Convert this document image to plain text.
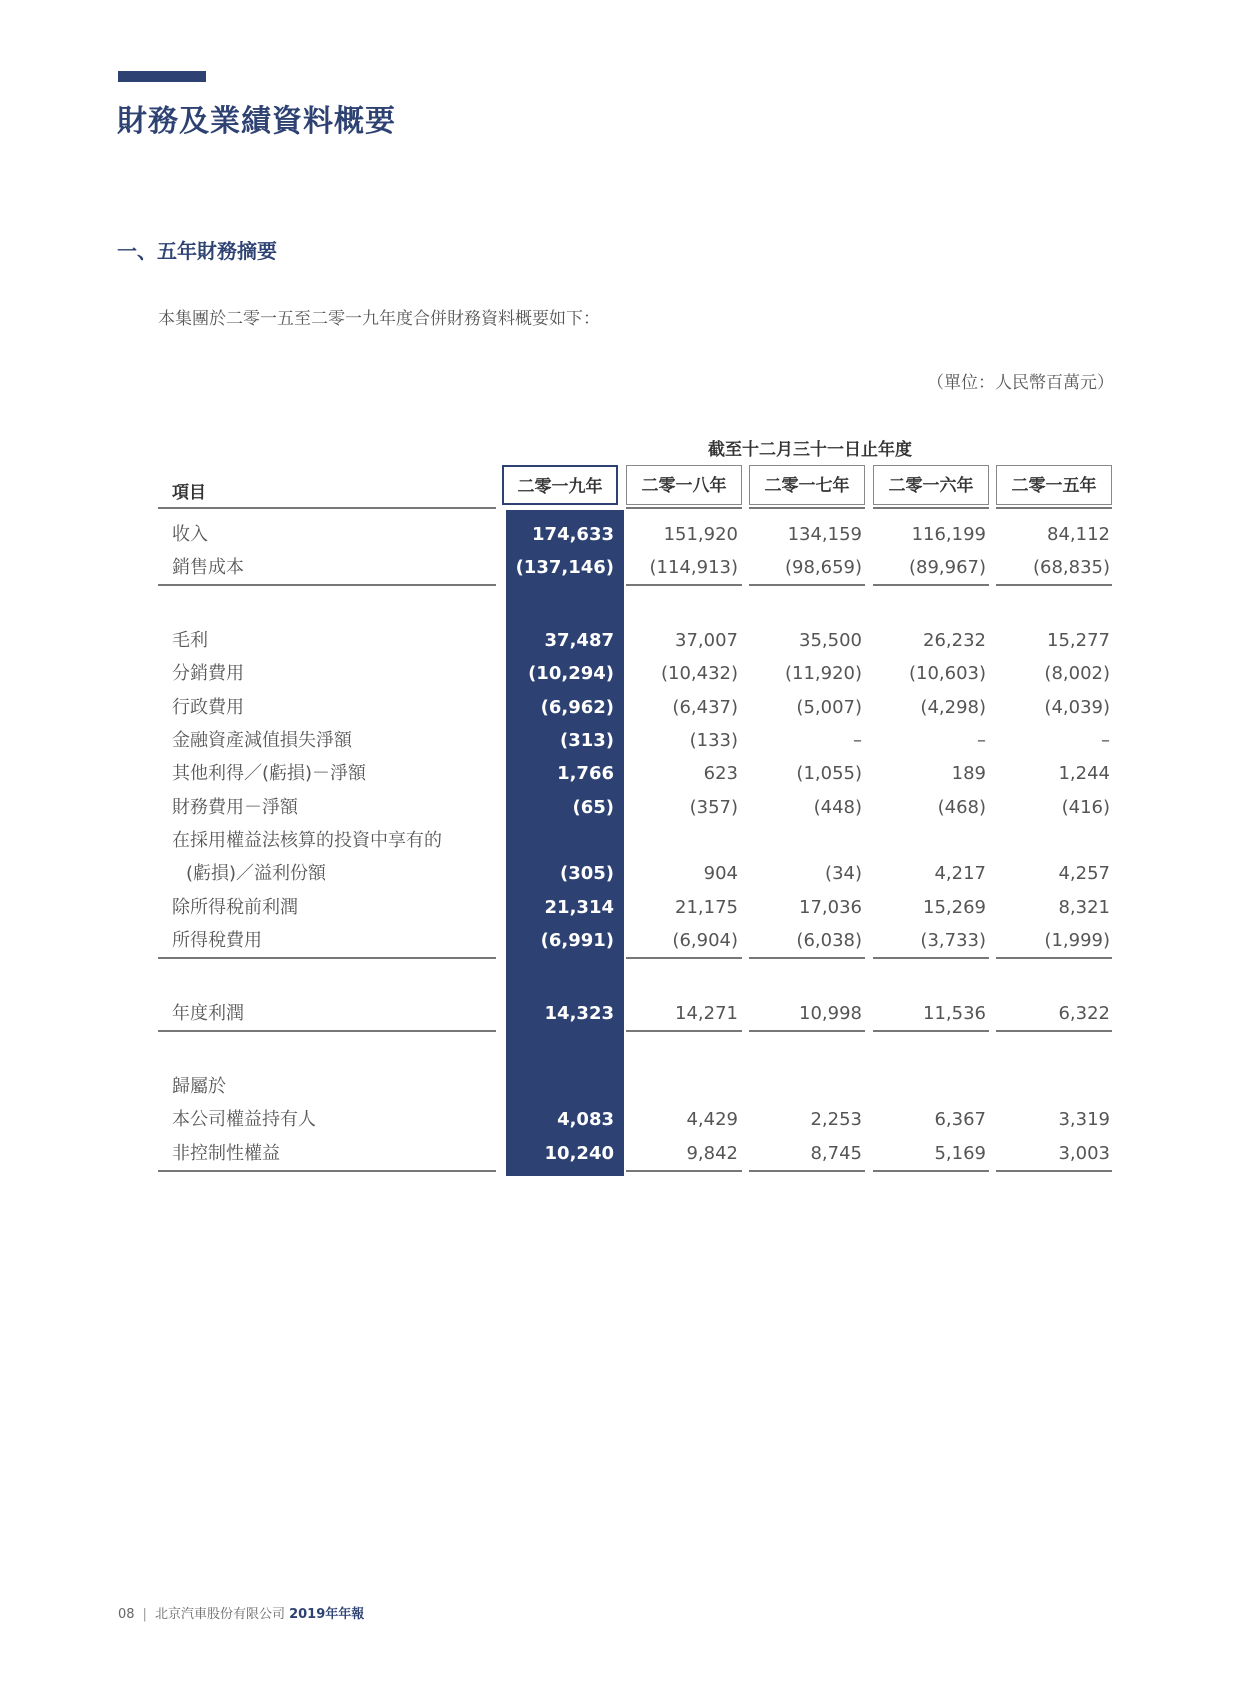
財務及業績資料概要
一、五年財務摘要
本集團於二零一五至二零一九年度合併財務資料概要如下：
（單位：人民幣百萬元）
截至十二月三十一日止年度
項目	二零一九年	二零一八年	二零一七年	二零一六年	二零一五年
收入	174,633	151,920	134,159	116,199	84,112
銷售成本	(137,146)	(114,913)	(98,659)	(89,967)	(68,835)
毛利	37,487	37,007	35,500	26,232	15,277
分銷費用	(10,294)	(10,432)	(11,920)	(10,603)	(8,002)
行政費用	(6,962)	(6,437)	(5,007)	(4,298)	(4,039)
金融資產減值損失淨額	(313)	(133)	–	–	–
其他利得／(虧損)－淨額	1,766	623	(1,055)	189	1,244
財務費用－淨額	(65)	(357)	(448)	(468)	(416)
在採用權益法核算的投資中享有的
(虧損)／溢利份額	(305)	904	(34)	4,217	4,257
除所得稅前利潤	21,314	21,175	17,036	15,269	8,321
所得稅費用	(6,991)	(6,904)	(6,038)	(3,733)	(1,999)
年度利潤	14,323	14,271	10,998	11,536	6,322
歸屬於
本公司權益持有人	4,083	4,429	2,253	6,367	3,319
非控制性權益	10,240	9,842	8,745	5,169	3,003
08 | 北京汽車股份有限公司 2019年年報
